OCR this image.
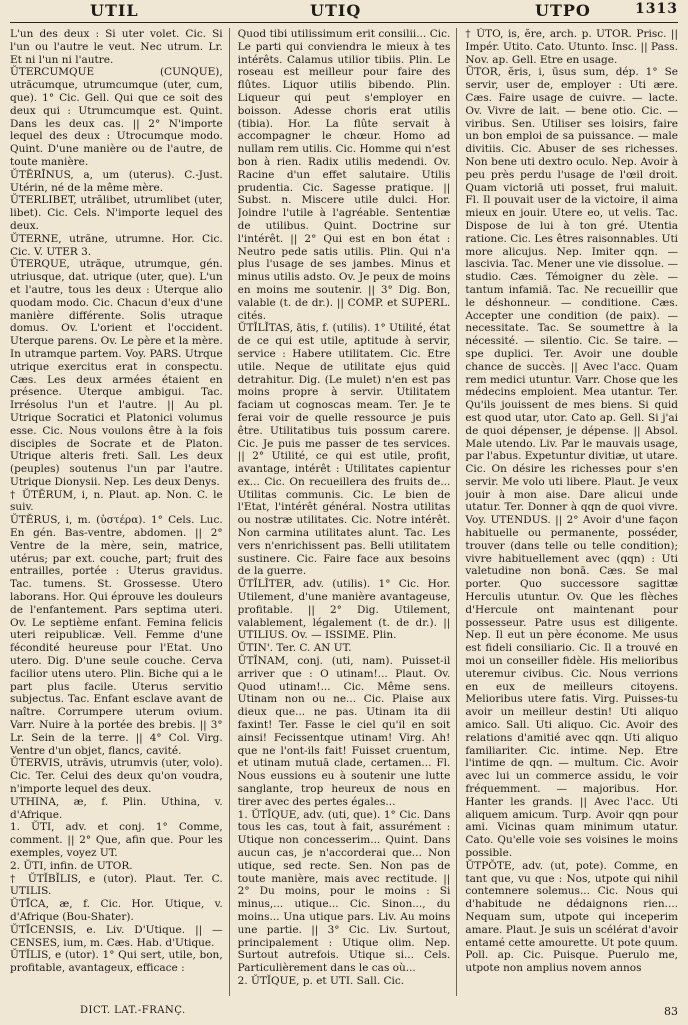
UTIL	UTIQ	UTPO	1313

L'un des deux : Si uter volet. Cic. Si l'un ou l'autre le veut. Nec utrum. Lr. Et ni l'un ni l'autre.

ŬTERCUMQUE (CUNQUE), utrăcumque, utrumcumque (uter, cum, que). 1° Cic. Gell. Qui que ce soit des deux qui : Utrumcumque est. Quint. Dans les deux cas. || 2° N'importe lequel des deux : Utrocumque modo. Quint. D'une manière ou de l'autre, de toute manière.

ŬTĔRĪNUS, a, um (uterus). C.-Just. Utérin, né de la même mère.

ŬTERLIBET, utrălibet, utrumlibet (uter, libet). Cic. Cels. N'importe lequel des deux.

ŬTERNE, utrăne, utrumne. Hor. Cic. Cic. V. UTER 3.

ŬTERQUE, utrăque, utrumque, gén. utriusque, dat. utrique (uter, que). L'un et l'autre, tous les deux : Uterque alio quodam modo. Cic. Chacun d'eux d'une manière différente. Solis utraque domus. Ov. L'orient et l'occident. Uterque parens. Ov. Le père et la mère. In utramque partem. Voy. PARS. Utrque utrique exercitus erat in conspectu. Cæs. Les deux armées étaient en présence. Uterque ambigui. Tac. Irrésolus l'un et l'autre. || Au pl. Utrique Socratici et Platonici volumus esse. Cic. Nous voulons être à la fois disciples de Socrate et de Platon. Utrique alteris freti. Sall. Les deux (peuples) soutenus l'un par l'autre. Utrique Dionysii. Nep. Les deux Denys.

† ŬTĔRUM, i, n. Plaut. ap. Non. C. le suiv.

ŬTĔRUS, i, m. (ὑστέρα). 1° Cels. Luc. En gén. Bas-ventre, abdomen. || 2° Ventre de la mère, sein, matrice, utérus; par ext. couche, part; fruit des entrailles, portée : Uterus gravidus. Tac. tumens. St. Grossesse. Utero laborans. Hor. Qui éprouve les douleurs de l'enfantement. Pars septima uteri. Ov. Le septième enfant. Femina felicis uteri reipublicæ. Vell. Femme d'une fécondité heureuse pour l'Etat. Uno utero. Dig. D'une seule couche. Cerva facilior utens utero. Plin. Biche qui a le part plus facile. Uterus servitio subjectus. Tac. Enfant esclave avant de naître. Corrumpere uterum ovium. Varr. Nuire à la portée des brebis. || 3° Lr. Sein de la terre. || 4° Col. Virg. Ventre d'un objet, flancs, cavité.

ŬTERVIS, utrăvis, utrumvis (uter, volo). Cic. Ter. Celui des deux qu'on voudra, n'importe lequel des deux.

UTHINA, æ, f. Plin. Uthina, v. d'Afrique.

1. ŬTI, adv. et conj. 1° Comme, comment. || 2° Que, afin que. Pour les exemples, voyez UT.

2. ŬTI, infin. de UTOR.

† ŬTĬBĬLIS, e (utor). Plaut. Ter. C. UTILIS.

ŬTĪCA, æ, f. Cic. Hor. Utique, v. d'Afrique (Bou-Shater).

ŬTĪCENSIS, e. Liv. D'Utique. || — CENSES, ium, m. Cæs. Hab. d'Utique.

ŬTĬLIS, e (utor). 1° Qui sert, utile, bon, profitable, avantageux, efficace :

Quod tibi utilissimum erit consilii... Cic. Le parti qui conviendra le mieux à tes intérêts. Calamus utilior tibiis. Plin. Le roseau est meilleur pour faire des flûtes. Liquor utilis bibendo. Plin. Liqueur qui peut s'employer en boisson. Adesse choris erat utilis (tibia). Hor. La flûte servait à accompagner le chœur. Homo ad nullam rem utilis. Cic. Homme qui n'est bon à rien. Radix utilis medendi. Ov. Racine d'un effet salutaire. Utilis prudentia. Cic. Sagesse pratique. || Subst. n. Miscere utile dulci. Hor. Joindre l'utile à l'agréable. Sententiæ de utilibus. Quint. Doctrine sur l'intérêt. || 2° Qui est en bon état : Neutro pede satis utilis. Plin. Qui n'a plus l'usage de ses jambes. Minus et minus utilis adsto. Ov. Je peux de moins en moins me soutenir. || 3° Dig. Bon, valable (t. de dr.). || COMP. et SUPERL. cités.

ŬTĬLĬTAS, ātis, f. (utilis). 1° Utilité, état de ce qui est utile, aptitude à servir, service : Habere utilitatem. Cic. Etre utile. Neque de utilitate ejus quid detrahitur. Dig. (Le mulet) n'en est pas moins propre à servir. Utilitatem faciam ut cognoscas meam. Ter. Je te ferai voir de quelle ressource je puis être. Utilitatibus tuis possum carere. Cic. Je puis me passer de tes services. || 2° Utilité, ce qui est utile, profit, avantage, intérêt : Utilitates capientur ex... Cic. On recueillera des fruits de... Utilitas communis. Cic. Le bien de l'Etat, l'intérêt général. Nostra utilitas ou nostræ utilitates. Cic. Notre intérêt. Non carmina utilitates alunt. Tac. Les vers n'enrichissent pas. Belli utilitatem sustinere. Cic. Faire face aux besoins de la guerre.

ŬTĬLĬTER, adv. (utilis). 1° Cic. Hor. Utilement, d'une manière avantageuse, profitable. || 2° Dig. Utilement, valablement, légalement (t. de dr.). || UTILIUS. Ov. — ISSIME. Plin.

ŬTIN'. Ter. C. AN UT.

ŬTĬNAM, conj. (uti, nam). Puisset-il arriver que : O utinam!... Plaut. Ov. Quod utinam!... Cic. Même sens. Utinam non ou ne... Cic. Plaise aux dieux que... ne pas. Utinam ita dii faxint! Ter. Fasse le ciel qu'il en soit ainsi! Fecissentque utinam! Virg. Ah! que ne l'ont-ils fait! Fuisset cruentum, et utinam mutuā clade, certamen... Fl. Nous eussions eu à soutenir une lutte sanglante, trop heureux de nous en tirer avec des pertes égales...

1. ŬTĬQUE, adv. (uti, que). 1° Cic. Dans tous les cas, tout à fait, assurément : Utique non concesserim... Quint. Dans aucun cas, je n'accorderai que... Non utique, sed recte. Sen. Non pas de toute manière, mais avec rectitude. || 2° Du moins, pour le moins : Si minus,... utique... Cic. Sinon..., du moins... Una utique pars. Liv. Au moins une partie. || 3° Cic. Liv. Surtout, principalement : Utique olim. Nep. Surtout autrefois. Utique si... Cels. Particulièrement dans le cas où...

2. ŬTĬQUE, p. et UTI. Sall. Cic.

† ŬTO, is, ĕre, arch. p. UTOR. Prisc. || Impér. Utito. Cato. Utunto. Insc. || Pass. Nov. ap. Gell. Etre en usage.

ŬTOR, ĕris, i, ūsus sum, dép. 1° Se servir, user de, employer : Uti ære. Cæs. Faire usage de cuivre. — lacte. Ov. Vivre de lait. — bene otio. Cic. — viribus. Sen. Utiliser ses loisirs, faire un bon emploi de sa puissance. — male divitiis. Cic. Abuser de ses richesses. Non bene uti dextro oculo. Nep. Avoir à peu près perdu l'usage de l'œil droit. Quam victoriā uti posset, frui maluit. Fl. Il pouvait user de la victoire, il aima mieux en jouir. Utere eo, ut velis. Tac. Dispose de lui à ton gré. Utentia ratione. Cic. Les êtres raisonnables. Uti more alicujus. Nep. Imiter qqn. — lascivia. Tac. Mener une vie dissolue. — studio. Cæs. Témoigner du zèle. — tantum infamiā. Tac. Ne recueillir que le déshonneur. — conditione. Cæs. Accepter une condition (de paix). — necessitate. Tac. Se soumettre à la nécessité. — silentio. Cic. Se taire. — spe duplici. Ter. Avoir une double chance de succès. || Avec l'acc. Quam rem medici utuntur. Varr. Chose que les médecins emploient. Mea utantur. Ter. Qu'ils jouissent de mes biens. Si quid est quod utar, utor. Cato ap. Gell. Si j'ai de quoi dépenser, je dépense. || Absol. Male utendo. Liv. Par le mauvais usage, par l'abus. Expetuntur divitiæ, ut utare. Cic. On désire les richesses pour s'en servir. Me volo uti libere. Plaut. Je veux jouir à mon aise. Dare alicui unde utatur. Ter. Donner à qqn de quoi vivre. Voy. UTENDUS. || 2° Avoir d'une façon habituelle ou permanente, posséder, trouver (dans telle ou telle condition); vivre habituellement avec (qqn) : Uti valetudine non bonā. Cæs. Se mal porter. Quo successore sagittæ Herculis utuntur. Ov. Que les flèches d'Hercule ont maintenant pour possesseur. Patre usus est diligente. Nep. Il eut un père économe. Me usus est fideli consiliario. Cic. Il a trouvé en moi un conseiller fidèle. His melioribus uteremur civibus. Cic. Nous verrions en eux de meilleurs citoyens. Melioribus utere fatis. Virg. Puisses-tu avoir un meilleur destin! Uti aliquo amico. Sall. Uti aliquo. Cic. Avoir des relations d'amitié avec qqn. Uti aliquo familiariter. Cic. intime. Nep. Etre l'intime de qqn. — multum. Cic. Avoir avec lui un commerce assidu, le voir fréquemment. — majoribus. Hor. Hanter les grands. || Avec l'acc. Uti aliquem amicum. Turp. Avoir qqn pour ami. Vicinas quam minimum utatur. Cato. Qu'elle voie ses voisines le moins possible.

ŬTPŎTE, adv. (ut, pote). Comme, en tant que, vu que : Nos, utpote qui nihil contemnere solemus... Cic. Nous qui d'habitude ne dédaignons rien.... Nequam sum, utpote qui inceperim amare. Plaut. Je suis un scélérat d'avoir entamé cette amourette. Ut pote quum. Poll. ap. Cic. Puisque. Puerulo me, utpote non amplius novem annos

DICT. LAT.-FRANÇ.	83
